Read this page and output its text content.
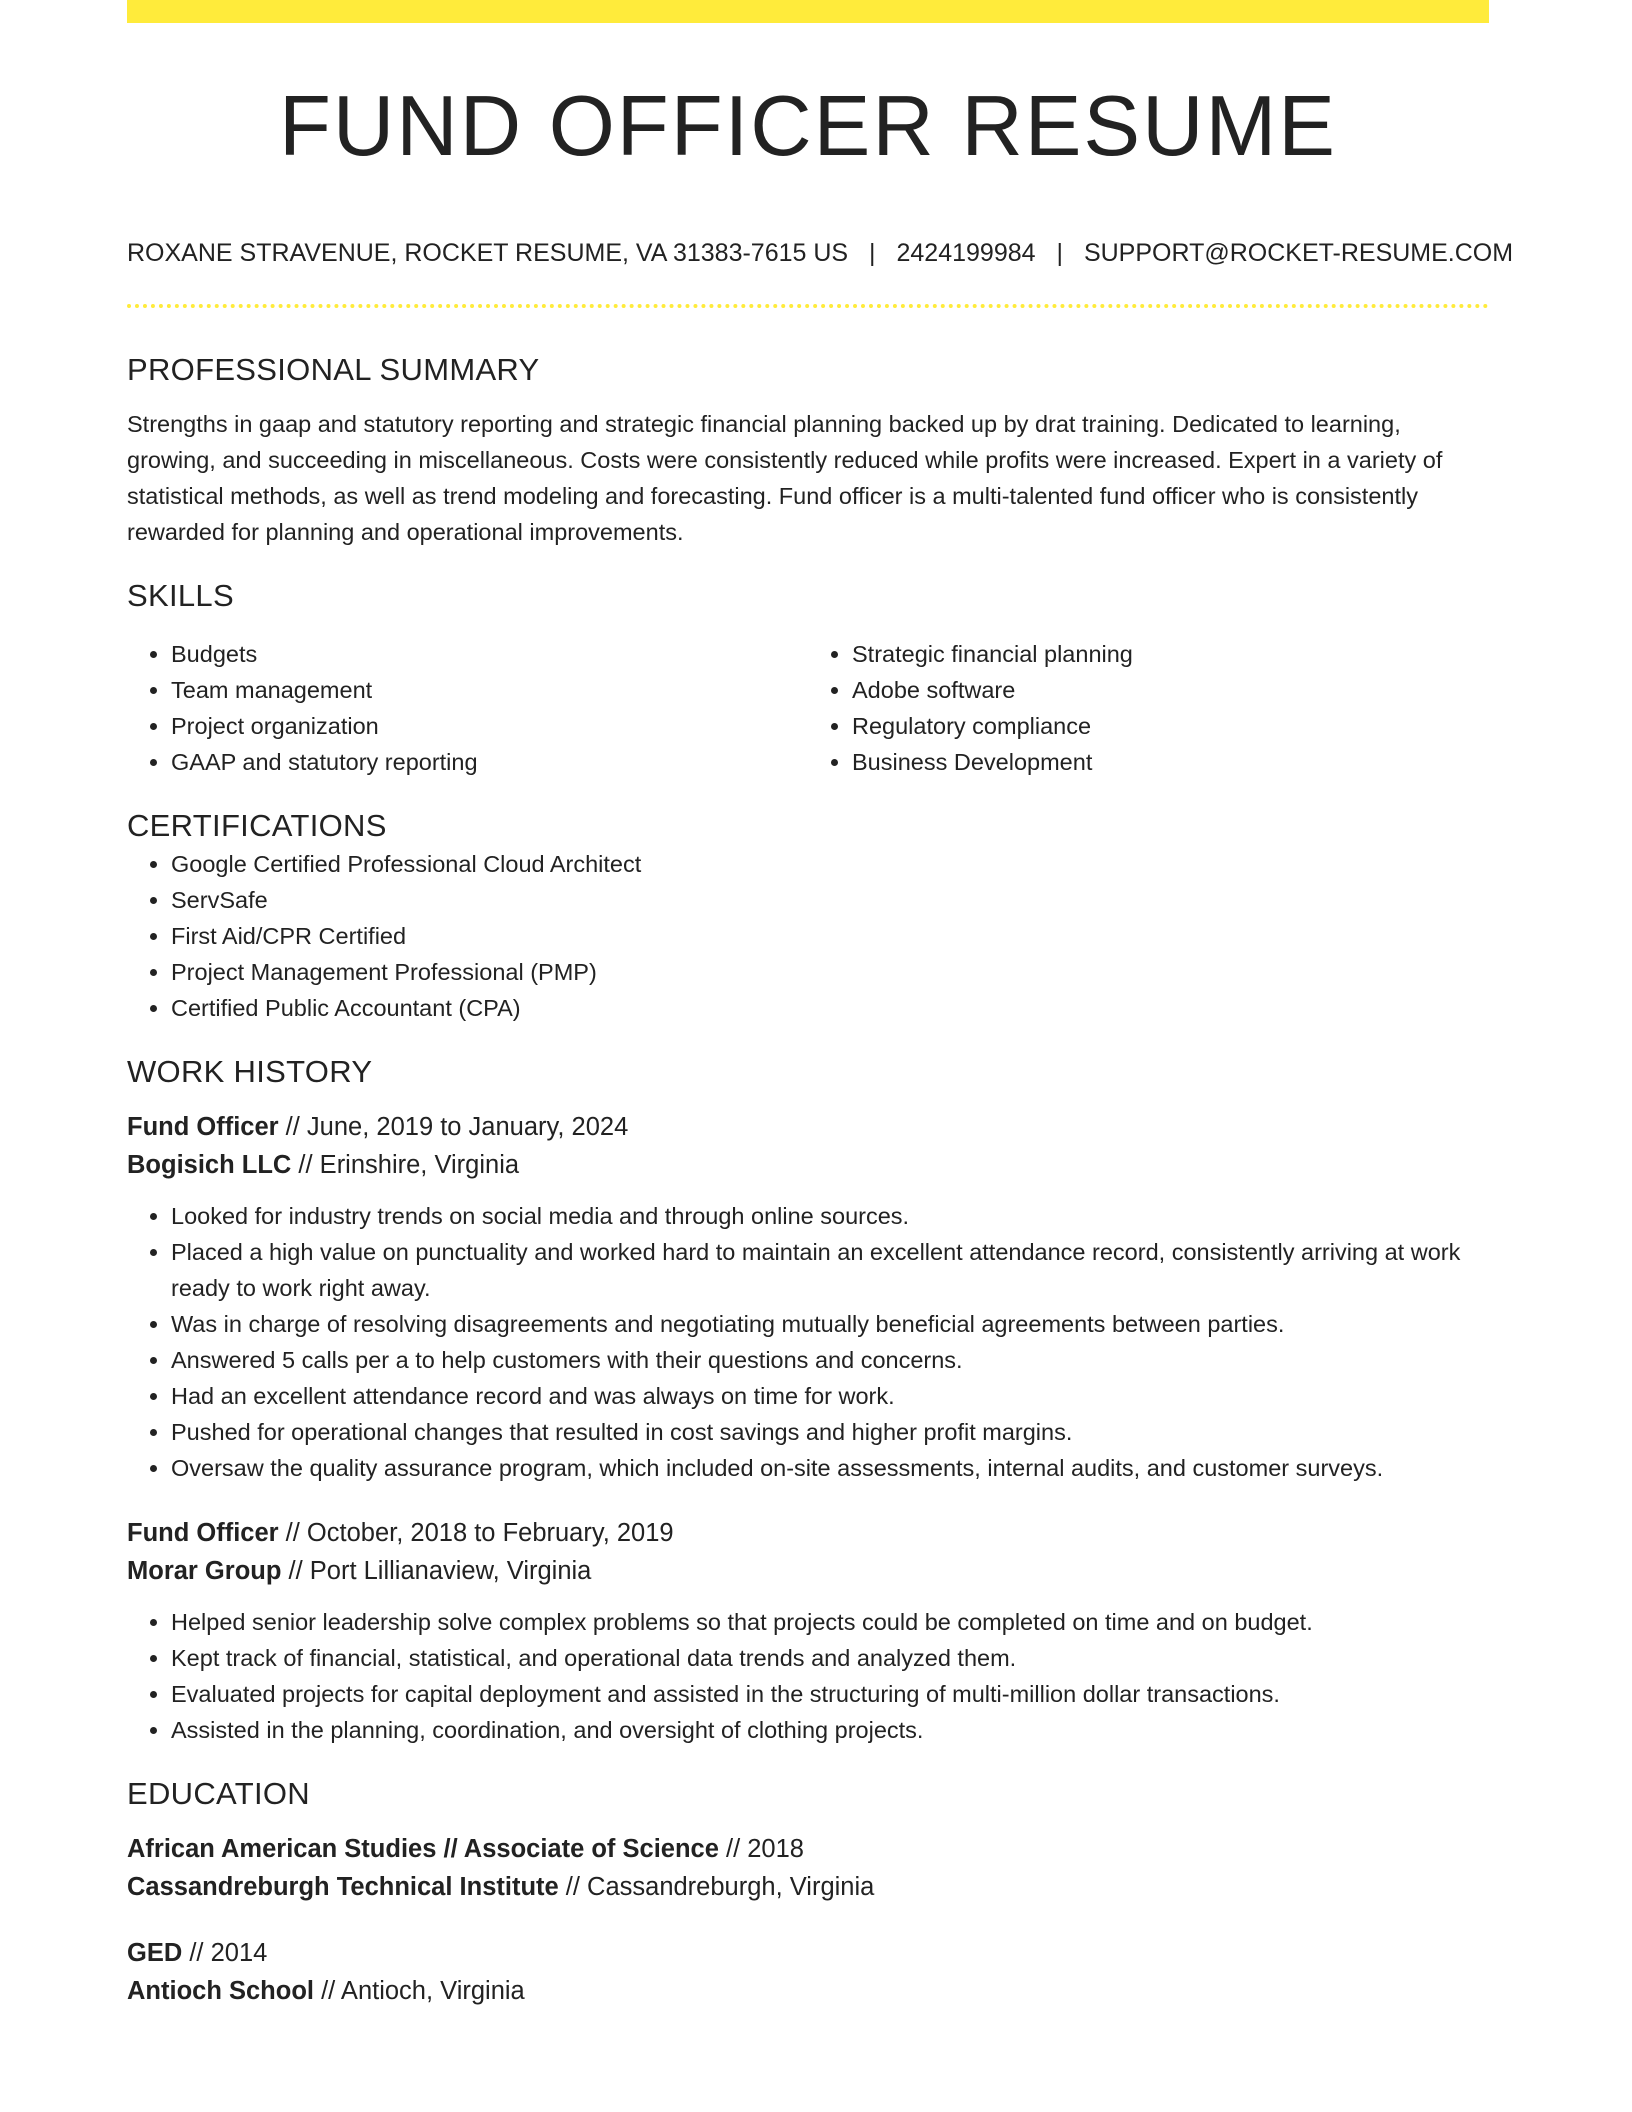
FUND OFFICER RESUME
ROXANE STRAVENUE, ROCKET RESUME, VA 31383-7615 US | 2424199984 | SUPPORT@ROCKET-RESUME.COM
PROFESSIONAL SUMMARY

Strengths in gaap and statutory reporting and strategic financial planning backed up by drat training. Dedicated to learning, growing, and succeeding in miscellaneous. Costs were consistently reduced while profits were increased. Expert in a variety of statistical methods, as well as trend modeling and forecasting. Fund officer is a multi-talented fund officer who is consistently rewarded for planning and operational improvements.

SKILLS
• Budgets
• Team management
• Project organization
• GAAP and statutory reporting
• Strategic financial planning
• Adobe software
• Regulatory compliance
• Business Development
CERTIFICATIONS
• Google Certified Professional Cloud Architect
• ServSafe
• First Aid/CPR Certified
• Project Management Professional (PMP)
• Certified Public Accountant (CPA)
WORK HISTORY
Fund Officer // June, 2019 to January, 2024
Bogisich LLC // Erinshire, Virginia
• Looked for industry trends on social media and through online sources.
• Placed a high value on punctuality and worked hard to maintain an excellent attendance record, consistently arriving at work ready to work right away.
• Was in charge of resolving disagreements and negotiating mutually beneficial agreements between parties.
• Answered 5 calls per a to help customers with their questions and concerns.
• Had an excellent attendance record and was always on time for work.
• Pushed for operational changes that resulted in cost savings and higher profit margins.
• Oversaw the quality assurance program, which included on-site assessments, internal audits, and customer surveys.
Fund Officer // October, 2018 to February, 2019
Morar Group // Port Lillianaview, Virginia
• Helped senior leadership solve complex problems so that projects could be completed on time and on budget.
• Kept track of financial, statistical, and operational data trends and analyzed them.
• Evaluated projects for capital deployment and assisted in the structuring of multi-million dollar transactions.
• Assisted in the planning, coordination, and oversight of clothing projects.
EDUCATION
African American Studies // Associate of Science // 2018
Cassandreburgh Technical Institute // Cassandreburgh, Virginia
GED // 2014
Antioch School // Antioch, Virginia
